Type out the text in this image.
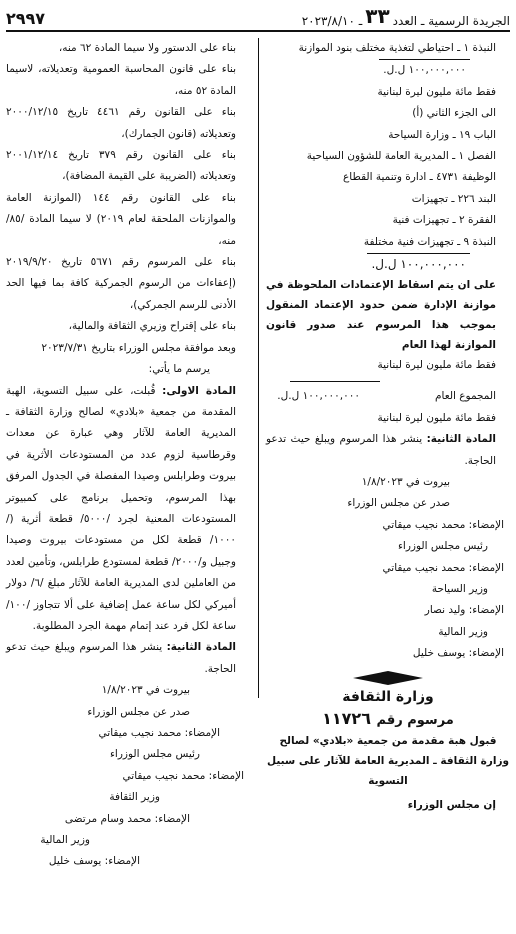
الجريدة الرسمية ـ العدد
٣٣
ـ ٢٠٢٣/٨/١٠
٢٩٩٧
النبذة ١ ـ احتياطي لتغذية مختلف بنود الموازنة
١٠٠,٠٠٠,٠٠٠ ل.ل.
فقط مائة مليون ليرة لبنانية
الى الجزء الثاني (أ)
الباب ١٩ ـ وزارة السياحة
الفصل ١ ـ المديرية العامة للشؤون السياحية
الوظيفة ٤٧٣١ ـ ادارة وتنمية القطاع
البند ٢٢٦ ـ تجهيزات
الفقرة ٢ ـ تجهيزات فنية
النبذة ٩ ـ تجهيزات فنية مختلفة
١٠٠,٠٠٠,٠٠٠ ل.ل.
على ان يتم اسقاط الإعتمادات الملحوظة في موازنة الإدارة ضمن حدود الإعتماد المنقول بموجب هذا المرسوم عند صدور قانون الموازنة لهذا العام
فقط مائة مليون ليرة لبنانية
المجموع العام
١٠٠,٠٠٠,٠٠٠ ل.ل.
فقط مائة مليون ليرة لبنانية
المادة الثانية: ينشر هذا المرسوم ويبلغ حيث تدعو الحاجة.
بيروت في ١/٨/٢٠٢٣
صدر عن مجلس الوزراء
الإمضاء: محمد نجيب ميقاتي
رئيس مجلس الوزراء
الإمضاء: محمد نجيب ميقاتي
وزير السياحة
الإمضاء: وليد نصار
وزير المالية
الإمضاء: يوسف خليل
وزارة الثقافة
مرسوم رقم ١١٧٢٦
قبول هبة مقدمة من جمعية «بلادي» لصالح وزارة الثقافة ـ المديرية العامة للآثار على سبيل التسوية
إن مجلس الوزراء
بناء على الدستور ولا سيما المادة ٦٢ منه،
بناء على قانون المحاسبة العمومية وتعديلاته، لاسيما المادة ٥٢ منه،
بناء على القانون رقم ٤٤٦١ تاريخ ٢٠٠٠/١٢/١٥ وتعديلاته (قانون الجمارك)،
بناء على القانون رقم ٣٧٩ تاريخ ٢٠٠١/١٢/١٤ وتعديلاته (الضريبة على القيمة المضافة)،
بناء على القانون رقم ١٤٤ (الموازنة العامة والموازنات الملحقة لعام ٢٠١٩) لا سيما المادة /٨٥/ منه،
بناء على المرسوم رقم ٥٦٧١ تاريخ ٢٠١٩/٩/٢٠ (إعفاءات من الرسوم الجمركية كافة بما فيها الحد الأدنى للرسم الجمركي)،
بناء على إقتراح وزيري الثقافة والمالية،
وبعد موافقة مجلس الوزراء بتاريخ ٢٠٢٣/٧/٣١
يرسم ما يأتي:
المادة الاولى: قُبلت، على سبيل التسوية، الهبة المقدمة من جمعية «بلادي» لصالح وزارة الثقافة ـ المديرية العامة للآثار وهي عبارة عن معدات وقرطاسية لزوم عدد من المستودعات الأثرية في بيروت وطرابلس وصيدا المفصلة في الجدول المرفق بهذا المرسوم، وتحميل برنامج على كمبيوتر المستودعات المعنية لجرد /٥٠٠٠/ قطعة أثرية (/١٠٠٠/ قطعة لكل من مستودعات بيروت وصيدا وجبيل و/٢٠٠٠/ قطعة لمستودع طرابلس، وتأمين لعدد من العاملين لدى المديرية العامة للآثار مبلغ /٦/ دولار أميركي لكل ساعة عمل إضافية على ألا تتجاوز /١٠٠/ ساعة لكل فرد عند إتمام مهمة الجرد المطلوبة.
المادة الثانية: ينشر هذا المرسوم ويبلغ حيث تدعو الحاجة.
بيروت في ١/٨/٢٠٢٣
صدر عن مجلس الوزراء
الإمضاء: محمد نجيب ميقاتي
رئيس مجلس الوزراء
الإمضاء: محمد نجيب ميقاتي
وزير الثقافة
الإمضاء: محمد وسام مرتضى
وزير المالية
الإمضاء: يوسف خليل
